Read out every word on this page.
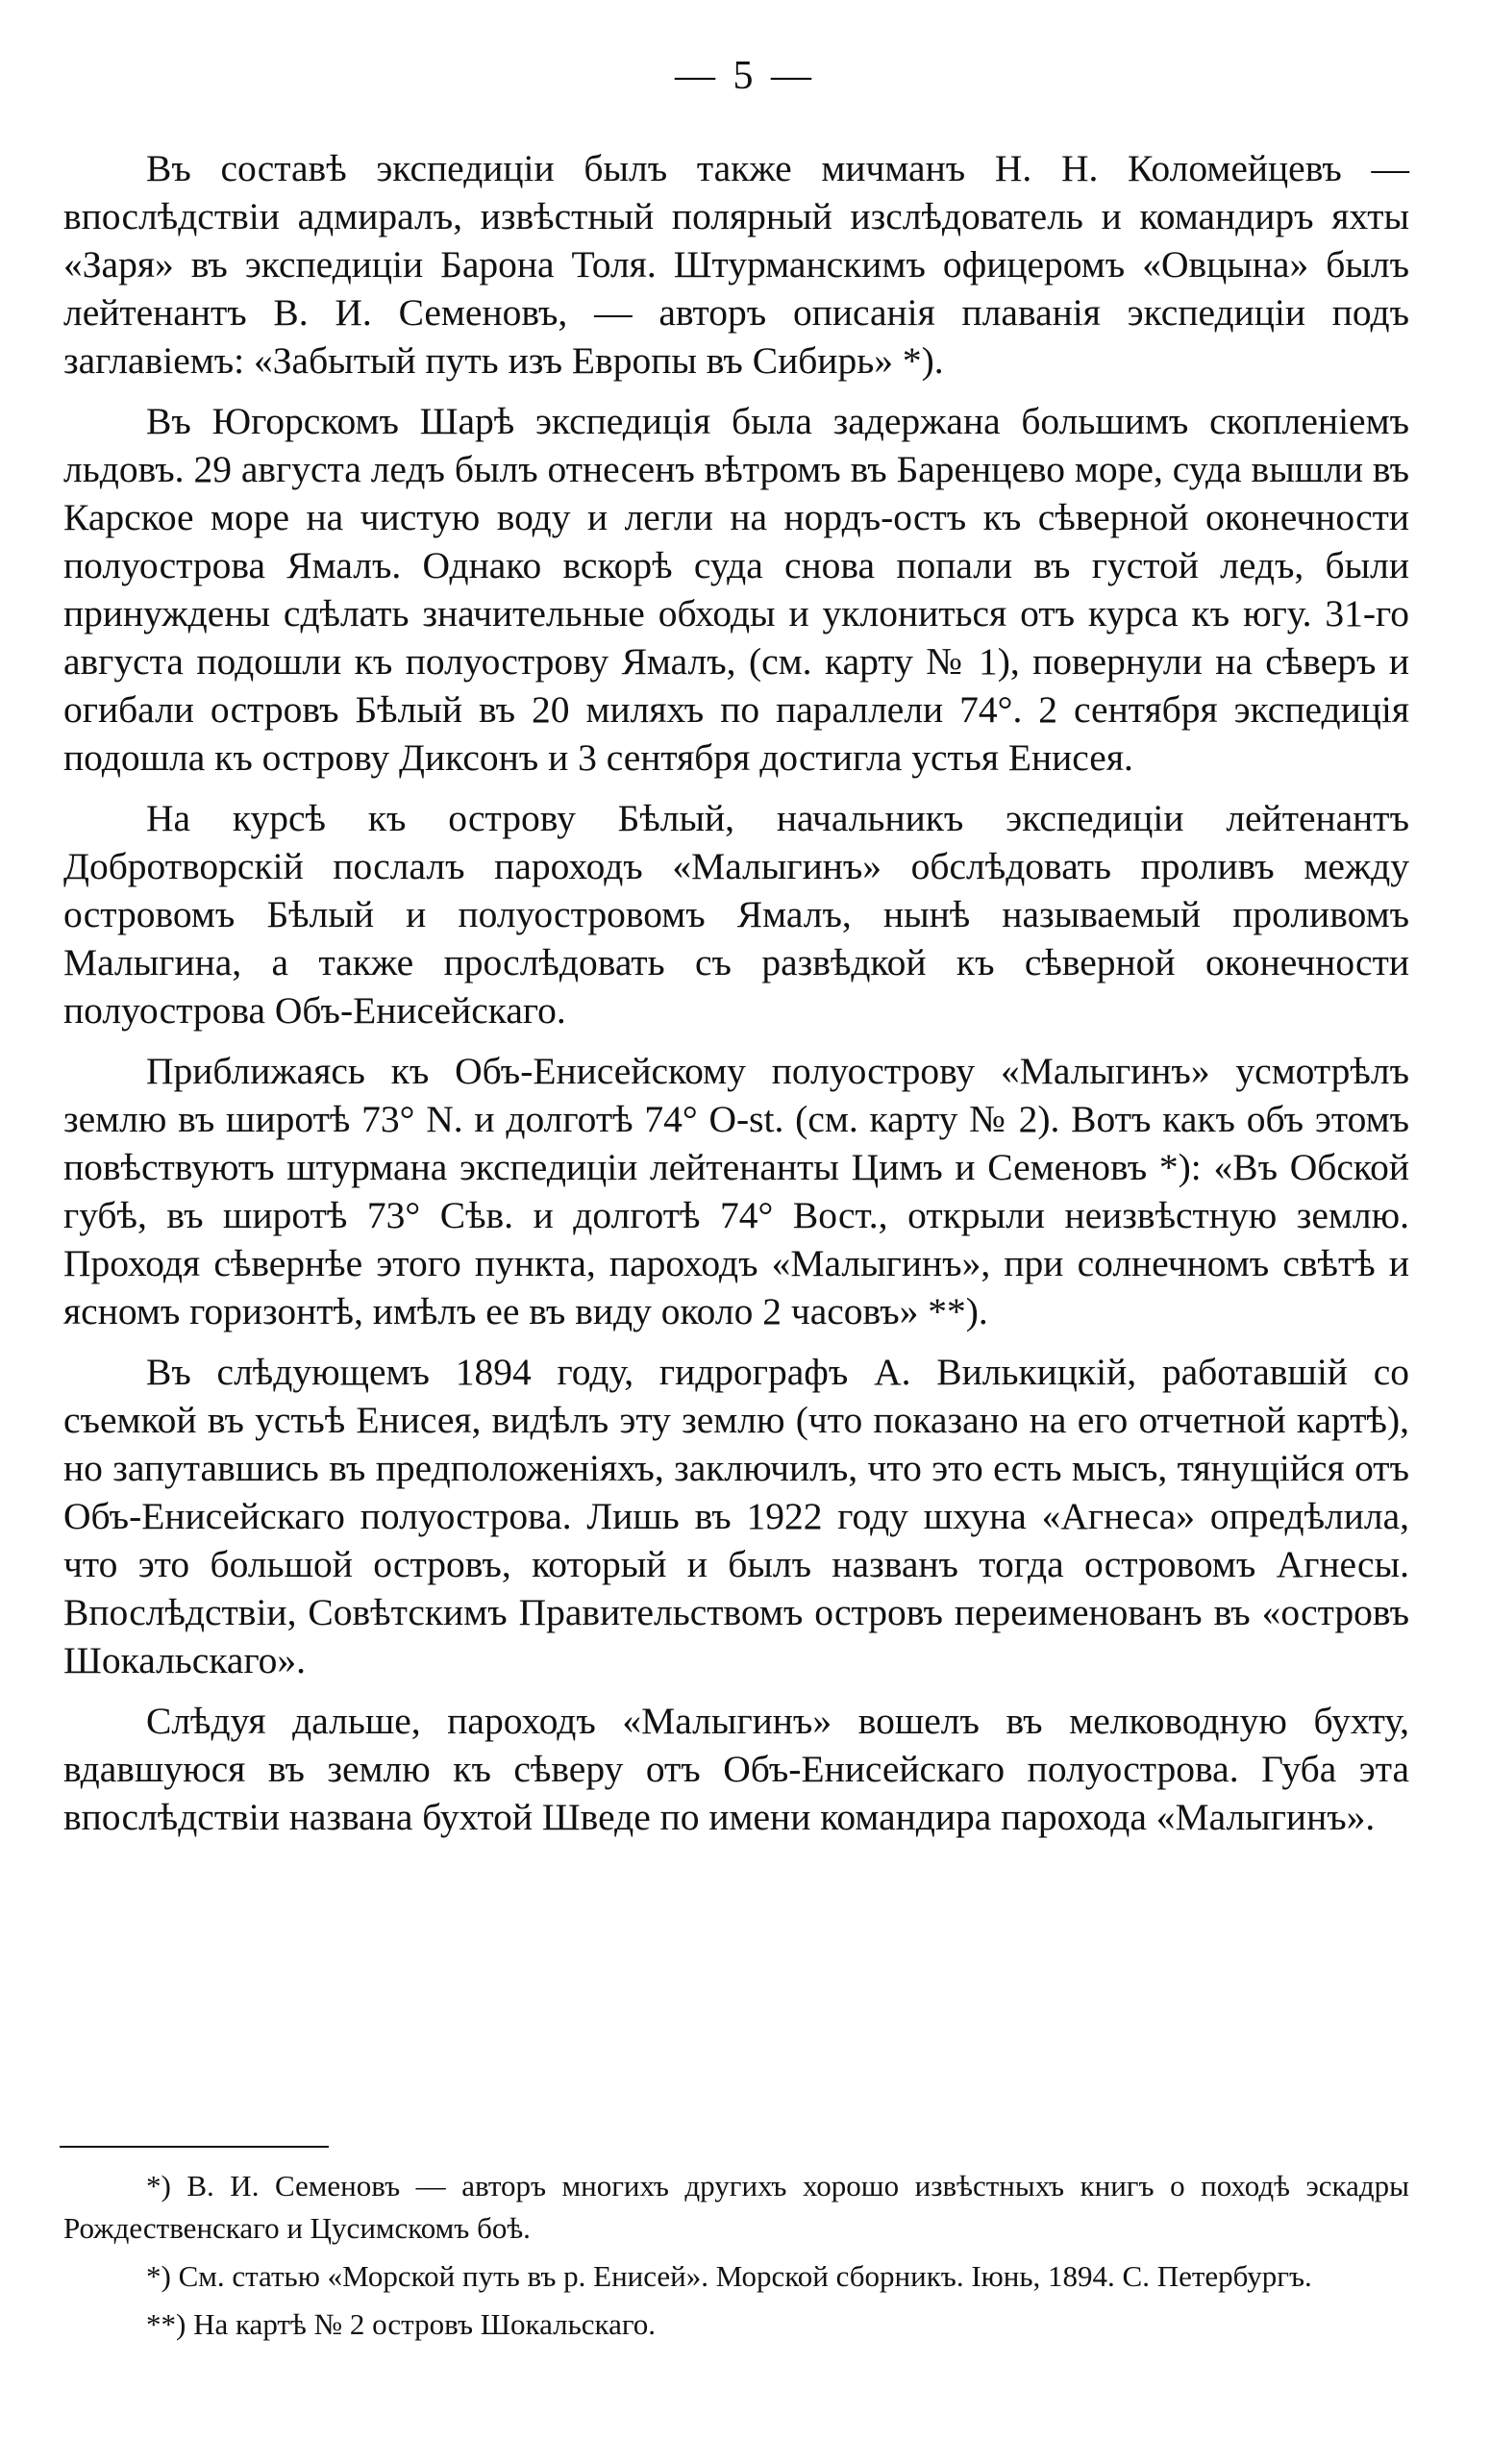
— 5 —

Въ составѣ экспедиціи былъ также мичманъ Н. Н. Коломейцевъ — впослѣдствіи адмиралъ, извѣстный полярный изслѣдователь и командиръ яхты «Заря» въ экспедиціи Барона Толя. Штурманскимъ офицеромъ «Овцына» былъ лейтенантъ В. И. Семеновъ, — авторъ описанія плаванія экспедиціи подъ заглавіемъ: «Забытый путь изъ Европы въ Сибирь» *).

Въ Югорскомъ Шарѣ экспедиція была задержана большимъ скопленіемъ льдовъ. 29 августа ледъ былъ отнесенъ вѣтромъ въ Баренцево море, суда вышли въ Карское море на чистую воду и легли на нордъ-остъ къ сѣверной оконечности полуострова Ямалъ. Однако вскорѣ суда снова попали въ густой ледъ, были принуждены сдѣлать значительные обходы и уклониться отъ курса къ югу. 31-го августа подошли къ полуострову Ямалъ, (см. карту № 1), повернули на сѣверъ и огибали островъ Бѣлый въ 20 миляхъ по параллели 74°. 2 сентября экспедиція подошла къ острову Диксонъ и 3 сентября достигла устья Енисея.

На курсѣ къ острову Бѣлый, начальникъ экспедиціи лейтенантъ Добротворскій послалъ пароходъ «Малыгинъ» обслѣдовать проливъ между островомъ Бѣлый и полуостровомъ Ямалъ, нынѣ называемый проливомъ Малыгина, а также прослѣдовать съ развѣдкой къ сѣверной оконечности полуострова Объ-Енисейскаго.

Приближаясь къ Объ-Енисейскому полуострову «Малыгинъ» усмотрѣлъ землю въ широтѣ 73° N. и долготѣ 74° O-st. (см. карту № 2). Вотъ какъ объ этомъ повѣствуютъ штурмана экспедиціи лейтенанты Цимъ и Семеновъ *): «Въ Обской губѣ, въ широтѣ 73° Сѣв. и долготѣ 74° Вост., открыли неизвѣстную землю. Проходя сѣвернѣе этого пункта, пароходъ «Малыгинъ», при солнечномъ свѣтѣ и ясномъ горизонтѣ, имѣлъ ее въ виду около 2 часовъ» **).

Въ слѣдующемъ 1894 году, гидрографъ А. Вилькицкій, работавшій со съемкой въ устьѣ Енисея, видѣлъ эту землю (что показано на его отчетной картѣ), но запутавшись въ предположеніяхъ, заключилъ, что это есть мысъ, тянущійся отъ Объ-Енисейскаго полуострова. Лишь въ 1922 году шхуна «Агнеса» опредѣлила, что это большой островъ, который и былъ названъ тогда островомъ Агнесы. Впослѣдствіи, Совѣтскимъ Правительствомъ островъ переименованъ въ «островъ Шокальскаго».

Слѣдуя дальше, пароходъ «Малыгинъ» вошелъ въ мелководную бухту, вдавшуюся въ землю къ сѣверу отъ Объ-Енисейскаго полуострова. Губа эта впослѣдствіи названа бухтой Шведе по имени командира парохода «Малыгинъ».

*) В. И. Семеновъ — авторъ многихъ другихъ хорошо извѣстныхъ книгъ о походѣ эскадры Рождественскаго и Цусимскомъ боѣ.

*) См. статью «Морской путь въ р. Енисей». Морской сборникъ. Іюнь, 1894. С. Петербургъ.

**) На картѣ № 2 островъ Шокальскаго.
